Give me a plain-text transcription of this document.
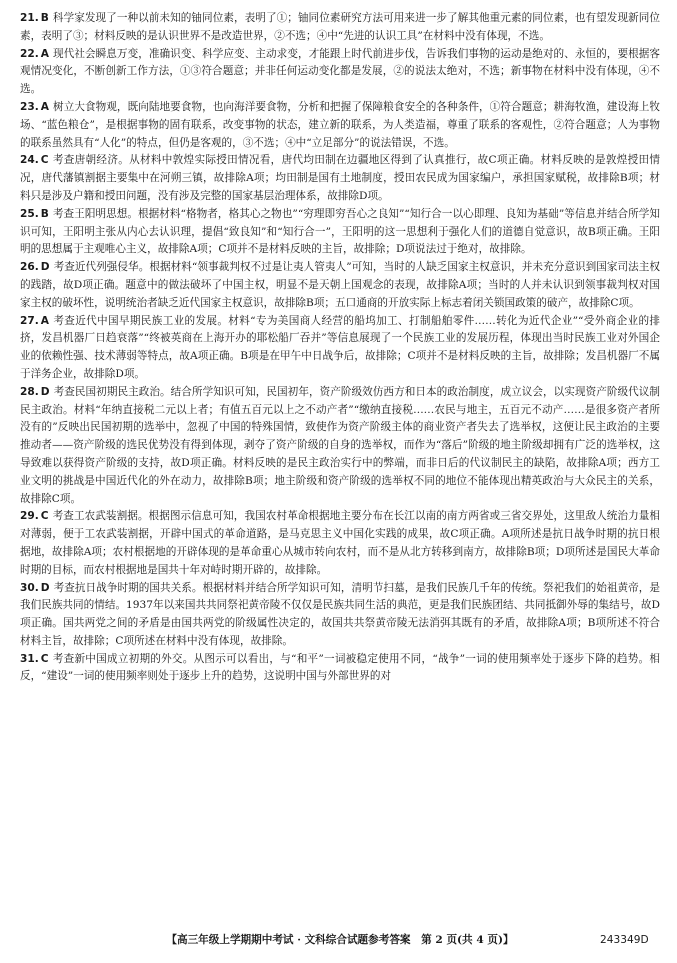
21. B 科学家发现了一种以前未知的铀同位素，表明了①；铀同位素研究方法可用来进一步了解其他重元素的同位素，也有望发现新同位素，表明了③；材料反映的是认识世界不是改造世界，②不选；④中“先进的认识工具”在材料中没有体现，不选。
22. A 现代社会瞬息万变，准确识变、科学应变、主动求变，才能跟上时代前进步伐，告诉我们事物的运动是绝对的、永恒的，要根据客观情况变化，不断创新工作方法，①③符合题意；并非任何运动变化都是发展，②的说法太绝对，不选；新事物在材料中没有体现，④不选。
23. A 树立大食物观，既向陆地要食物，也向海洋要食物，分析和把握了保障粮食安全的各种条件，①符合题意；耕海牧渔，建设海上牧场、“蓝色粮仓”，是根据事物的固有联系，改变事物的状态，建立新的联系，为人类造福，尊重了联系的客观性，②符合题意；人为事物的联系虽然具有“人化”的特点，但仍是客观的，③不选；④中“立足部分”的说法错误，不选。
24. C 考查唐朝经济。从材料中敦煌实际授田情况看，唐代均田制在边疆地区得到了认真推行，故C项正确。材料反映的是敦煌授田情况，唐代藩镇割据主要集中在河朔三镇，故排除A项；均田制是国有土地制度，授田农民成为国家编户，承担国家赋税，故排除B项；材料只是涉及户籍和授田问题，没有涉及完整的国家基层治理体系，故排除D项。
25. B 考查王阳明思想。根据材料“格物者，格其心之物也”“穷理即穷吾心之良知”“知行合一以心即理、良知为基础”等信息并结合所学知识可知，王阳明主张从内心去认识理，提倡“致良知”和“知行合一”，王阳明的这一思想利于强化人们的道德自觉意识，故B项正确。王阳明的思想属于主观唯心主义，故排除A项；C项并不是材料反映的主旨，故排除；D项说法过于绝对，故排除。
26. D 考查近代列强侵华。根据材料“领事裁判权不过是让夷人管夷人”可知，当时的人缺乏国家主权意识，并未充分意识到国家司法主权的践踏，故D项正确。题意中的做法破坏了中国主权，明显不是天朝上国观念的表现，故排除A项；当时的人并未认识到领事裁判权对国家主权的破坏性，说明统治者缺乏近代国家主权意识，故排除B项；五口通商的开放实际上标志着闭关锁国政策的破产，故排除C项。
27. A 考查近代中国早期民族工业的发展。材料“专为美国商人经营的船坞加工、打制船舶零件……转化为近代企业”“受外商企业的排挤，发昌机器厂日趋衰落”“终被英商在上海开办的耶松船厂吞并”等信息展现了一个民族工业的发展历程，体现出当时民族工业对外国企业的依赖性强、技术薄弱等特点，故A项正确。B项是在甲午中日战争后，故排除；C项并不是材料反映的主旨，故排除；发昌机器厂不属于洋务企业，故排除D项。
28. D 考查民国初期民主政治。结合所学知识可知，民国初年，资产阶级效仿西方和日本的政治制度，成立议会，以实现资产阶级代议制民主政治。材料“年纳直接税二元以上者；有值五百元以上之不动产者”“缴纳直接税……农民与地主，五百元不动产……是很多资产者所没有的”反映出民国初期的选举中，忽视了中国的特殊国情，致使作为资产阶级主体的商业资产者失去了选举权，这便让民主政治的主要推动者——资产阶级的选民优势没有得到体现，剥夺了资产阶级的自身的选举权，而作为“落后”阶级的地主阶级却拥有广泛的选举权，这导致难以获得资产阶级的支持，故D项正确。材料反映的是民主政治实行中的弊端，而非日后的代议制民主的缺陷，故排除A项；西方工业文明的挑战是中国近代化的外在动力，故排除B项；地主阶级和资产阶级的选举权不同的地位不能体现出精英政治与大众民主的关系，故排除C项。
29. C 考查工农武装割据。根据图示信息可知，我国农村革命根据地主要分布在长江以南的南方两省或三省交界处，这里敌人统治力量相对薄弱，便于工农武装割据，开辟中国式的革命道路，是马克思主义中国化实践的成果，故C项正确。A项所述是抗日战争时期的抗日根据地，故排除A项；农村根据地的开辟体现的是革命重心从城市转向农村，而不是从北方转移到南方，故排除B项；D项所述是国民大革命时期的目标，而农村根据地是国共十年对峙时期开辟的，故排除。
30. D 考查抗日战争时期的国共关系。根据材料并结合所学知识可知，清明节扫墓，是我们民族几千年的传统。祭祀我们的始祖黄帝，是我们民族共同的情结。1937年以来国共共同祭祀黄帝陵不仅仅是民族共同生活的典范，更是我们民族团结、共同抵御外辱的集结号，故D项正确。国共两党之间的矛盾是由国共两党的阶级属性决定的，故国共共祭黄帝陵无法消弭其既有的矛盾，故排除A项；B项所述不符合材料主旨，故排除；C项所述在材料中没有体现，故排除。
31. C 考查新中国成立初期的外交。从图示可以看出，与“和平”一词被稳定使用不同，“战争”一词的使用频率处于逐步下降的趋势。相反，“建设”一词的使用频率则处于逐步上升的趋势，这说明中国与外部世界的对
【高三年级上学期期中考试 · 文科综合试题参考答案　第 2 页(共 4 页)】	243349D
